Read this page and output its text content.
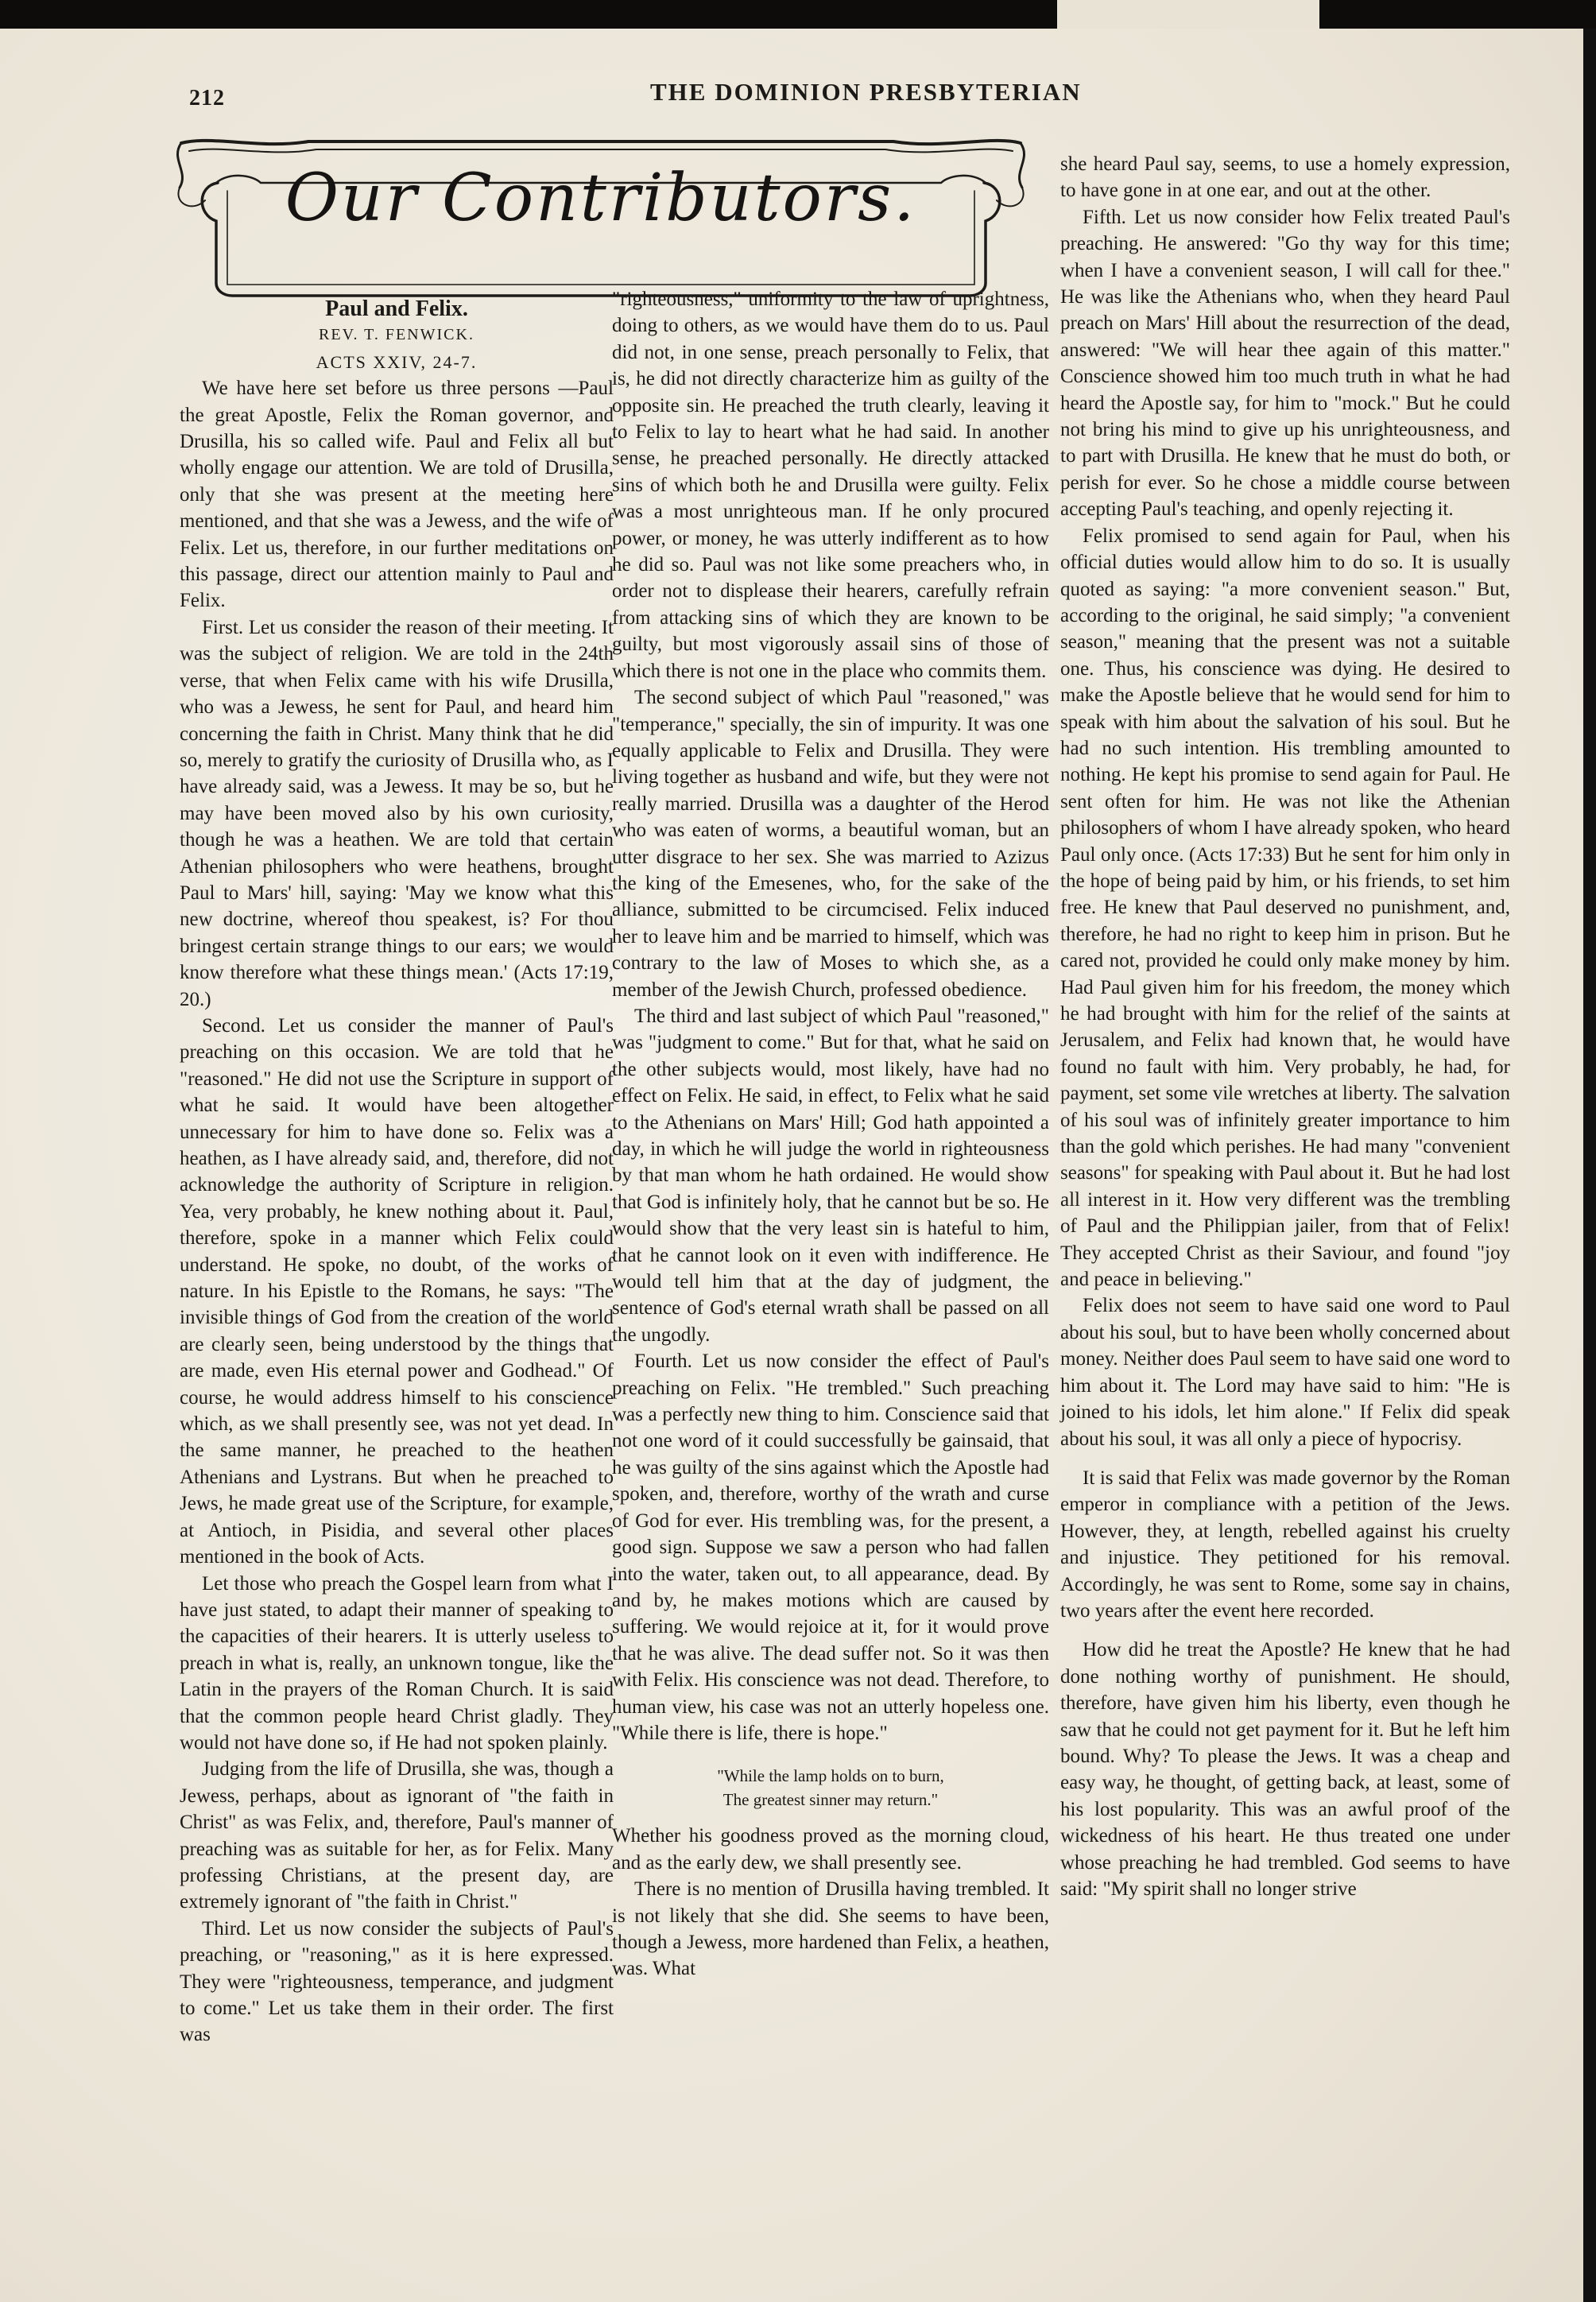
212	THE DOMINION PRESBYTERIAN
Our Contributors.

Paul and Felix.

REV. T. FENWICK.

ACTS XXIV, 24-7.

We have here set before us three persons —Paul the great Apostle, Felix the Roman governor, and Drusilla, his so called wife. Paul and Felix all but wholly engage our attention. We are told of Drusilla, only that she was present at the meeting here mentioned, and that she was a Jewess, and the wife of Felix. Let us, therefore, in our further meditations on this passage, direct our attention mainly to Paul and Felix.

First. Let us consider the reason of their meeting. It was the subject of religion. We are told in the 24th verse, that when Felix came with his wife Drusilla, who was a Jewess, he sent for Paul, and heard him concerning the faith in Christ. Many think that he did so, merely to gratify the curiosity of Drusilla who, as I have already said, was a Jewess. It may be so, but he may have been moved also by his own curiosity, though he was a heathen. We are told that certain Athenian philosophers who were heathens, brought Paul to Mars' hill, saying: 'May we know what this new doctrine, whereof thou speakest, is? For thou bringest certain strange things to our ears; we would know therefore what these things mean.' (Acts 17:19, 20.)

Second. Let us consider the manner of Paul's preaching on this occasion. We are told that he "reasoned." He did not use the Scripture in support of what he said. It would have been altogether unnecessary for him to have done so. Felix was a heathen, as I have already said, and, therefore, did not acknowledge the authority of Scripture in religion. Yea, very probably, he knew nothing about it. Paul, therefore, spoke in a manner which Felix could understand. He spoke, no doubt, of the works of nature. In his Epistle to the Romans, he says: "The invisible things of God from the creation of the world are clearly seen, being understood by the things that are made, even His eternal power and Godhead." Of course, he would address himself to his conscience which, as we shall presently see, was not yet dead. In the same manner, he preached to the heathen Athenians and Lystrans. But when he preached to Jews, he made great use of the Scripture, for example, at Antioch, in Pisidia, and several other places mentioned in the book of Acts.

Let those who preach the Gospel learn from what I have just stated, to adapt their manner of speaking to the capacities of their hearers. It is utterly useless to preach in what is, really, an unknown tongue, like the Latin in the prayers of the Roman Church. It is said that the common people heard Christ gladly. They would not have done so, if He had not spoken plainly.

Judging from the life of Drusilla, she was, though a Jewess, perhaps, about as ignorant of "the faith in Christ" as was Felix, and, therefore, Paul's manner of preaching was as suitable for her, as for Felix. Many professing Christians, at the present day, are extremely ignorant of "the faith in Christ."

Third. Let us now consider the subjects of Paul's preaching, or "reasoning," as it is here expressed. They were "righteousness, temperance, and judgment to come." Let us take them in their order. The first was

"righteousness," uniformity to the law of uprightness, doing to others, as we would have them do to us. Paul did not, in one sense, preach personally to Felix, that is, he did not directly characterize him as guilty of the opposite sin. He preached the truth clearly, leaving it to Felix to lay to heart what he had said. In another sense, he preached personally. He directly attacked sins of which both he and Drusilla were guilty. Felix was a most unrighteous man. If he only procured power, or money, he was utterly indifferent as to how he did so. Paul was not like some preachers who, in order not to displease their hearers, carefully refrain from attacking sins of which they are known to be guilty, but most vigorously assail sins of those of which there is not one in the place who commits them.

The second subject of which Paul "reasoned," was "temperance," specially, the sin of impurity. It was one equally applicable to Felix and Drusilla. They were living together as husband and wife, but they were not really married. Drusilla was a daughter of the Herod who was eaten of worms, a beautiful woman, but an utter disgrace to her sex. She was married to Azizus the king of the Emesenes, who, for the sake of the alliance, submitted to be circumcised. Felix induced her to leave him and be married to himself, which was contrary to the law of Moses to which she, as a member of the Jewish Church, professed obedience.

The third and last subject of which Paul "reasoned," was "judgment to come." But for that, what he said on the other subjects would, most likely, have had no effect on Felix. He said, in effect, to Felix what he said to the Athenians on Mars' Hill; God hath appointed a day, in which he will judge the world in righteousness by that man whom he hath ordained. He would show that God is infinitely holy, that he cannot but be so. He would show that the very least sin is hateful to him, that he cannot look on it even with indifference. He would tell him that at the day of judgment, the sentence of God's eternal wrath shall be passed on all the ungodly.

Fourth. Let us now consider the effect of Paul's preaching on Felix. "He trembled." Such preaching was a perfectly new thing to him. Conscience said that not one word of it could successfully be gainsaid, that he was guilty of the sins against which the Apostle had spoken, and, therefore, worthy of the wrath and curse of God for ever. His trembling was, for the present, a good sign. Suppose we saw a person who had fallen into the water, taken out, to all appearance, dead. By and by, he makes motions which are caused by suffering. We would rejoice at it, for it would prove that he was alive. The dead suffer not. So it was then with Felix. His conscience was not dead. Therefore, to human view, his case was not an utterly hopeless one. "While there is life, there is hope."

"While the lamp holds on to burn,
The greatest sinner may return."

Whether his goodness proved as the morning cloud, and as the early dew, we shall presently see.

There is no mention of Drusilla having trembled. It is not likely that she did. She seems to have been, though a Jewess, more hardened than Felix, a heathen, was. What

she heard Paul say, seems, to use a homely expression, to have gone in at one ear, and out at the other.

Fifth. Let us now consider how Felix treated Paul's preaching. He answered: "Go thy way for this time; when I have a convenient season, I will call for thee." He was like the Athenians who, when they heard Paul preach on Mars' Hill about the resurrection of the dead, answered: "We will hear thee again of this matter." Conscience showed him too much truth in what he had heard the Apostle say, for him to "mock." But he could not bring his mind to give up his unrighteousness, and to part with Drusilla. He knew that he must do both, or perish for ever. So he chose a middle course between accepting Paul's teaching, and openly rejecting it.

Felix promised to send again for Paul, when his official duties would allow him to do so. It is usually quoted as saying: "a more convenient season." But, according to the original, he said simply; "a convenient season," meaning that the present was not a suitable one. Thus, his conscience was dying. He desired to make the Apostle believe that he would send for him to speak with him about the salvation of his soul. But he had no such intention. His trembling amounted to nothing. He kept his promise to send again for Paul. He sent often for him. He was not like the Athenian philosophers of whom I have already spoken, who heard Paul only once. (Acts 17:33) But he sent for him only in the hope of being paid by him, or his friends, to set him free. He knew that Paul deserved no punishment, and, therefore, he had no right to keep him in prison. But he cared not, provided he could only make money by him. Had Paul given him for his freedom, the money which he had brought with him for the relief of the saints at Jerusalem, and Felix had known that, he would have found no fault with him. Very probably, he had, for payment, set some vile wretches at liberty. The salvation of his soul was of infinitely greater importance to him than the gold which perishes. He had many "convenient seasons" for speaking with Paul about it. But he had lost all interest in it. How very different was the trembling of Paul and the Philippian jailer, from that of Felix! They accepted Christ as their Saviour, and found "joy and peace in believing."

Felix does not seem to have said one word to Paul about his soul, but to have been wholly concerned about money. Neither does Paul seem to have said one word to him about it. The Lord may have said to him: "He is joined to his idols, let him alone." If Felix did speak about his soul, it was all only a piece of hypocrisy.

It is said that Felix was made governor by the Roman emperor in compliance with a petition of the Jews. However, they, at length, rebelled against his cruelty and injustice. They petitioned for his removal. Accordingly, he was sent to Rome, some say in chains, two years after the event here recorded.

How did he treat the Apostle? He knew that he had done nothing worthy of punishment. He should, therefore, have given him his liberty, even though he saw that he could not get payment for it. But he left him bound. Why? To please the Jews. It was a cheap and easy way, he thought, of getting back, at least, some of his lost popularity. This was an awful proof of the wickedness of his heart. He thus treated one under whose preaching he had trembled. God seems to have said: "My spirit shall no longer strive
